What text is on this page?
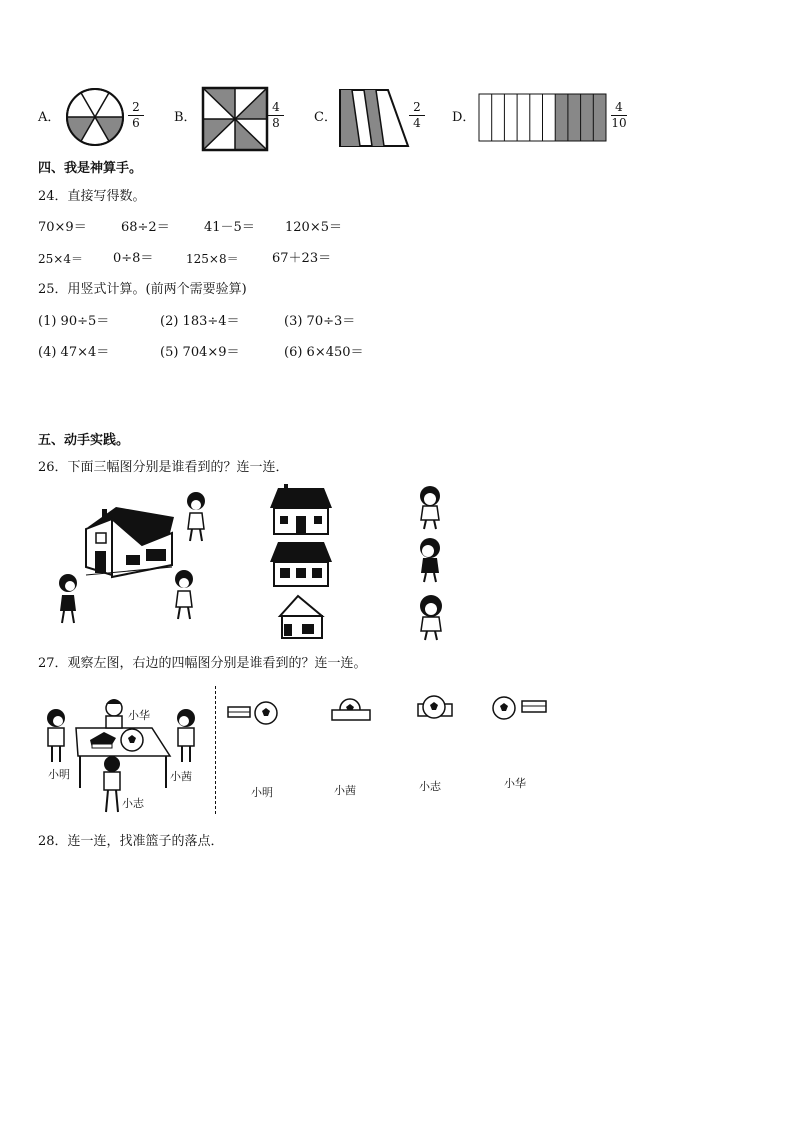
A．
2
6	B．
4
8	C．
2
4	D．
4
10
四、我是神算手。
24．直接写得数。
70×9＝	68÷2＝	41－5＝ 120×5＝
25×4＝ 0÷8＝	125×8＝	67＋23＝
25．用竖式计算。(前两个需要验算)
(1) 90÷5＝	(2) 183÷4＝	(3) 70÷3＝
(4) 47×4＝	(5) 704×9＝	(6) 6×450＝
五、动手实践。
26．下面三幅图分别是谁看到的？连一连．
27．观察左图，右边的四幅图分别是谁看到的？连一连。
小华
小明	小茜
小志
小明	小茜	小志	小华
28．连一连，找准篮子的落点．
